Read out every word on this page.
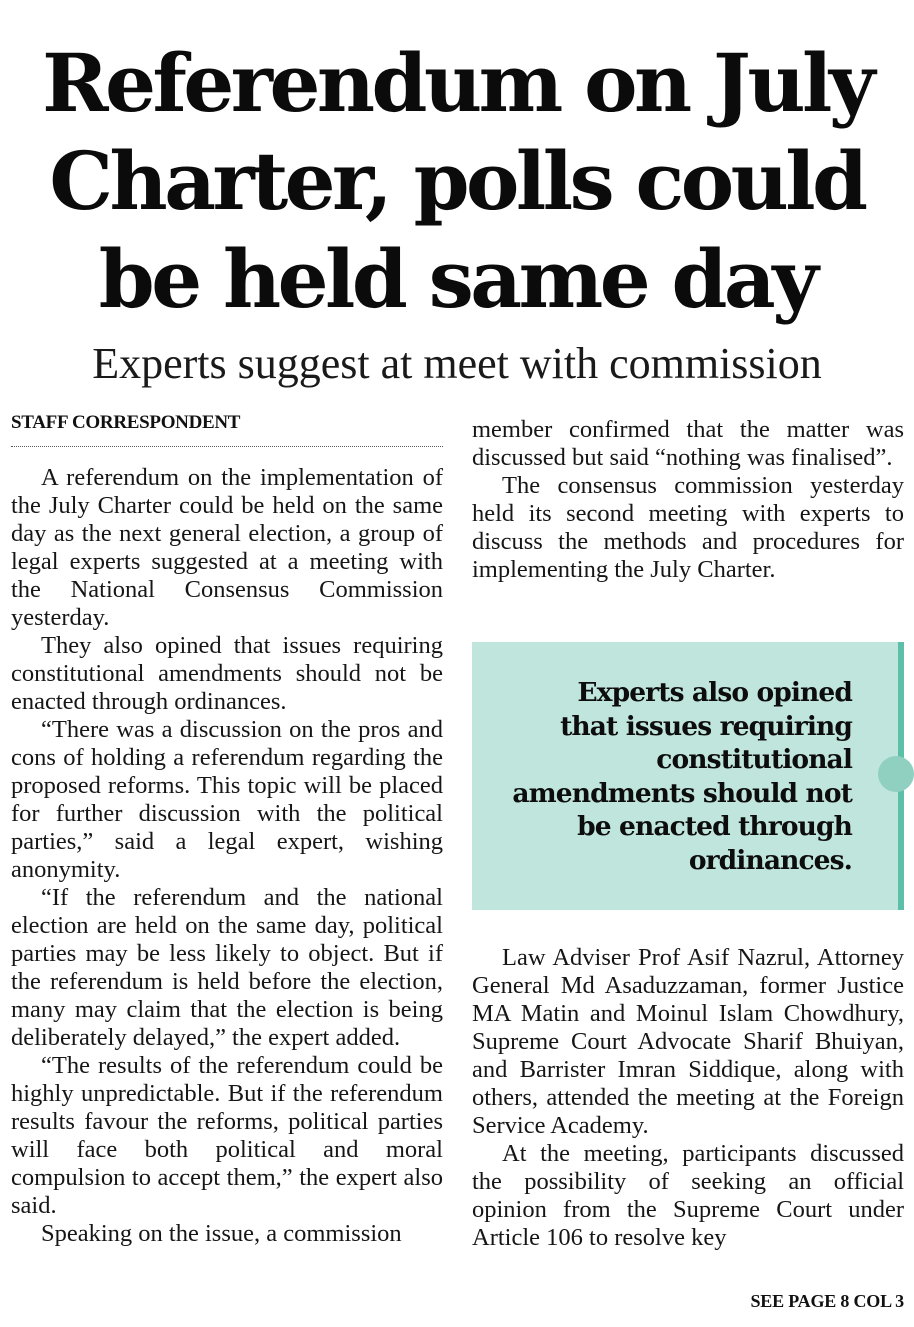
Referendum on July
Charter, polls could
be held same day
Experts suggest at meet with commission
STAFF CORRESPONDENT

A referendum on the implementation of the July Charter could be held on the same day as the next general election, a group of legal experts suggested at a meeting with the National Consensus Commission yesterday.

They also opined that issues requiring constitutional amendments should not be enacted through ordinances.

“There was a discussion on the pros and cons of holding a referendum regarding the proposed reforms. This topic will be placed for further discussion with the political parties,” said a legal expert, wishing anonymity.

“If the referendum and the national election are held on the same day, political parties may be less likely to object. But if the referendum is held before the election, many may claim that the election is being deliberately delayed,” the expert added.

“The results of the referendum could be highly unpredictable. But if the referendum results favour the reforms, political parties will face both political and moral compulsion to accept them,” the expert also said.

Speaking on the issue, a commission

member confirmed that the matter was discussed but said “nothing was finalised”.

The consensus commission yesterday held its second meeting with experts to discuss the methods and procedures for implementing the July Charter.

Experts also opined that issues requiring constitutional amendments should not be enacted through ordinances.

Law Adviser Prof Asif Nazrul, Attorney General Md Asaduzzaman, former Justice MA Matin and Moinul Islam Chowdhury, Supreme Court Advocate Sharif Bhuiyan, and Barrister Imran Siddique, along with others, attended the meeting at the Foreign Service Academy.

At the meeting, participants discussed the possibility of seeking an official opinion from the Supreme Court under Article 106 to resolve key

SEE PAGE 8 COL 3
